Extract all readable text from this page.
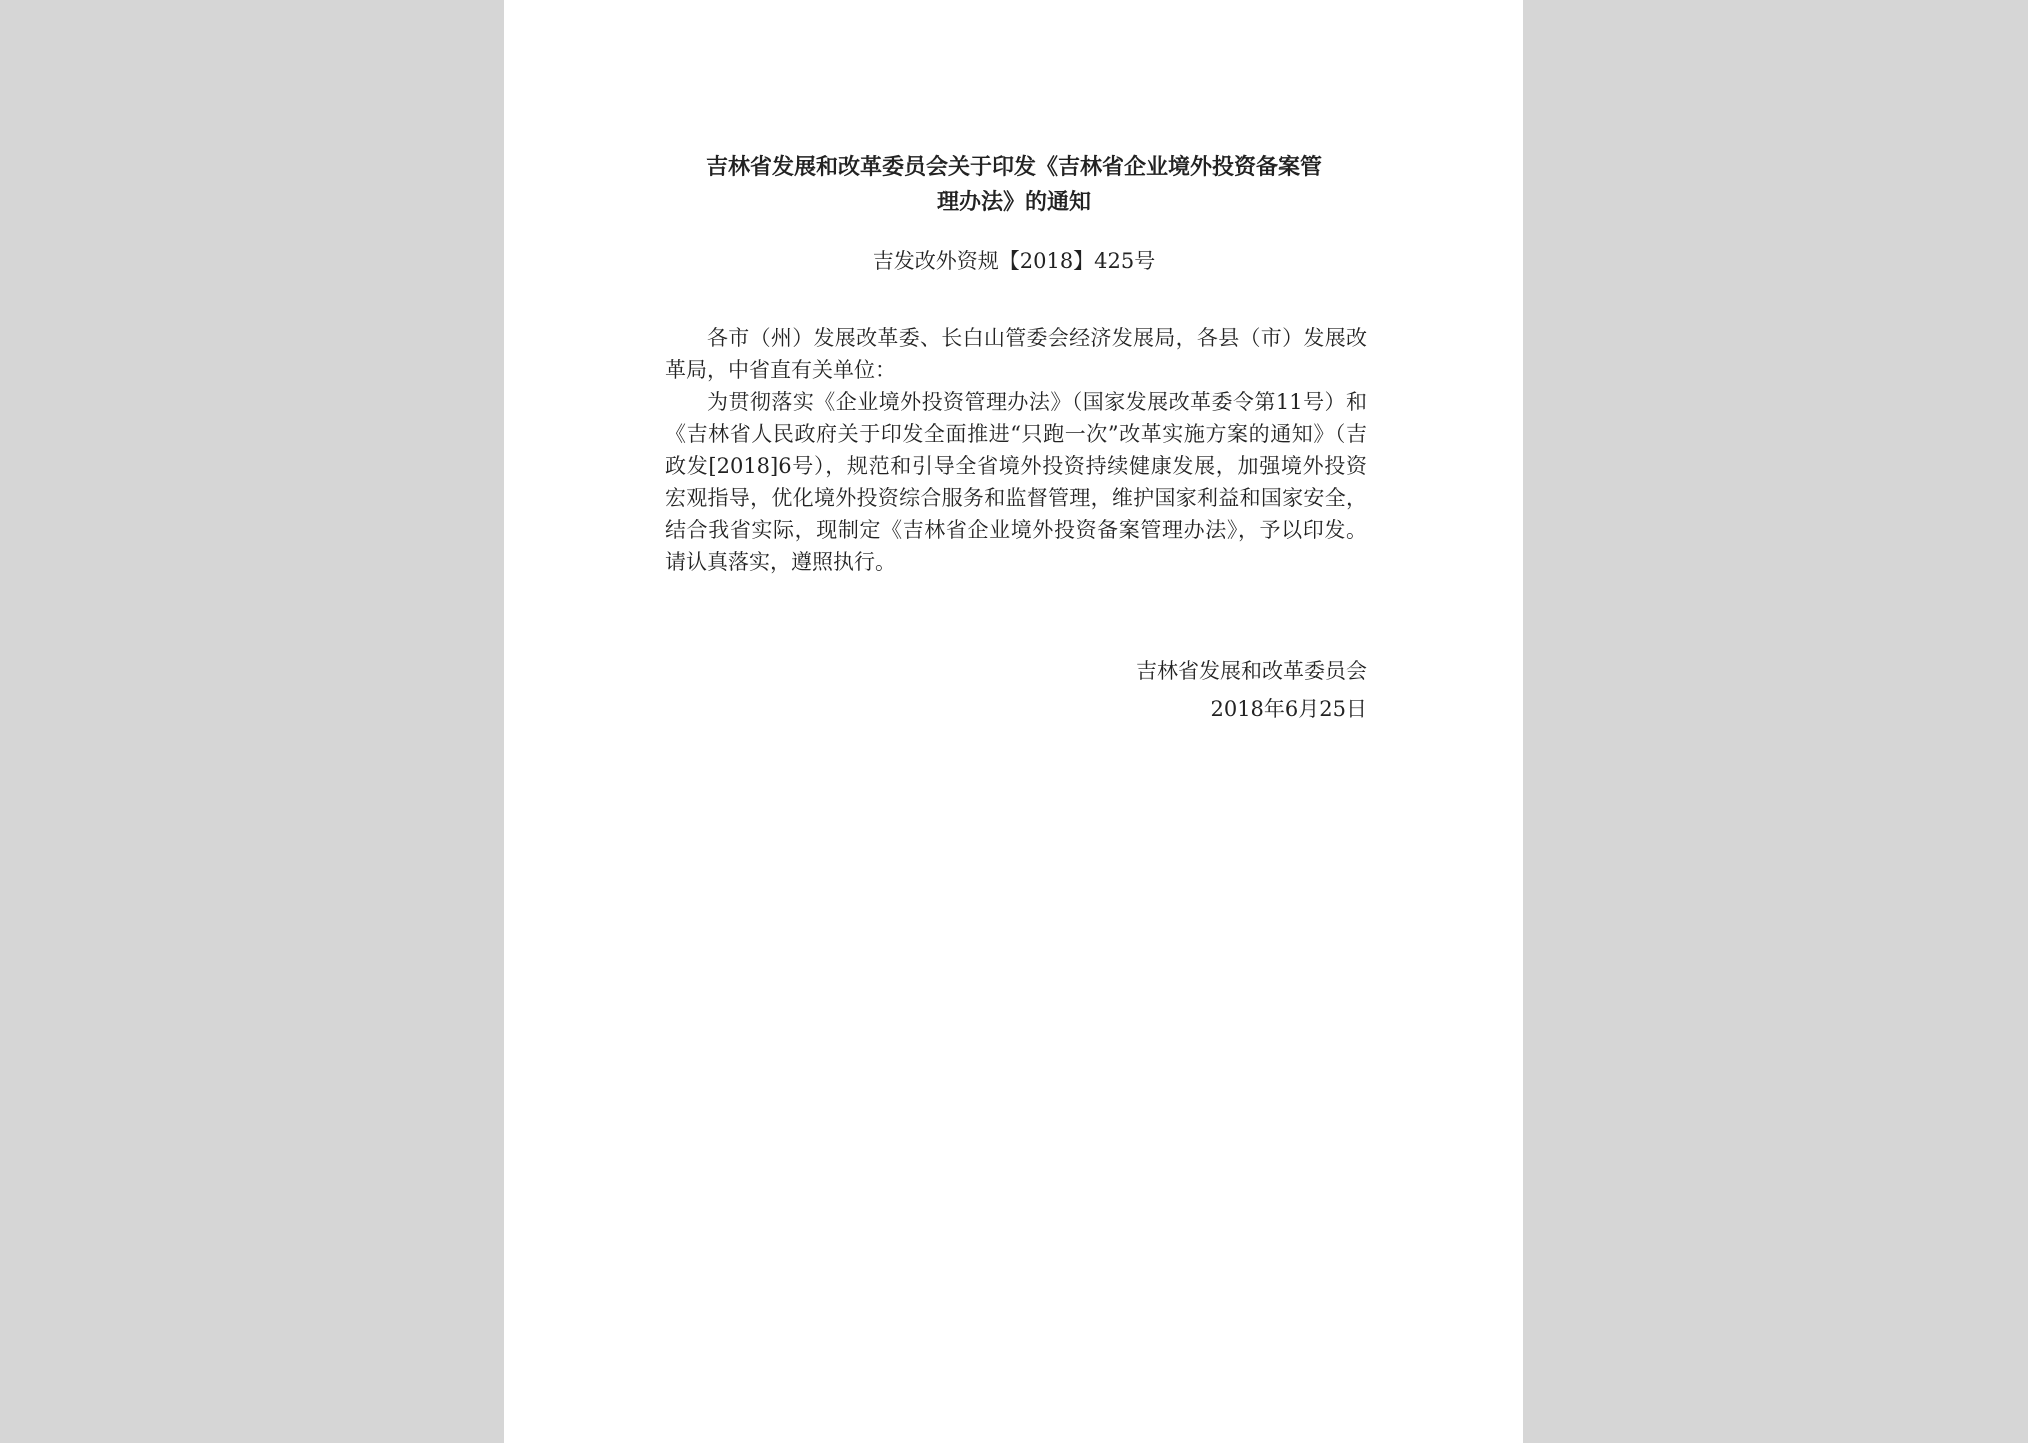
吉林省发展和改革委员会关于印发《吉林省企业境外投资备案管
理办法》的通知
吉发改外资规【2018】425号

各市（州）发展改革委、长白山管委会经济发展局，各县（市）发展改革局，中省直有关单位：

为贯彻落实《企业境外投资管理办法》（国家发展改革委令第11号）和《吉林省人民政府关于印发全面推进“只跑一次”改革实施方案的通知》（吉政发[2018]6号），规范和引导全省境外投资持续健康发展，加强境外投资宏观指导，优化境外投资综合服务和监督管理，维护国家利益和国家安全，结合我省实际，现制定《吉林省企业境外投资备案管理办法》，予以印发。请认真落实，遵照执行。

吉林省发展和改革委员会
2018年6月25日
